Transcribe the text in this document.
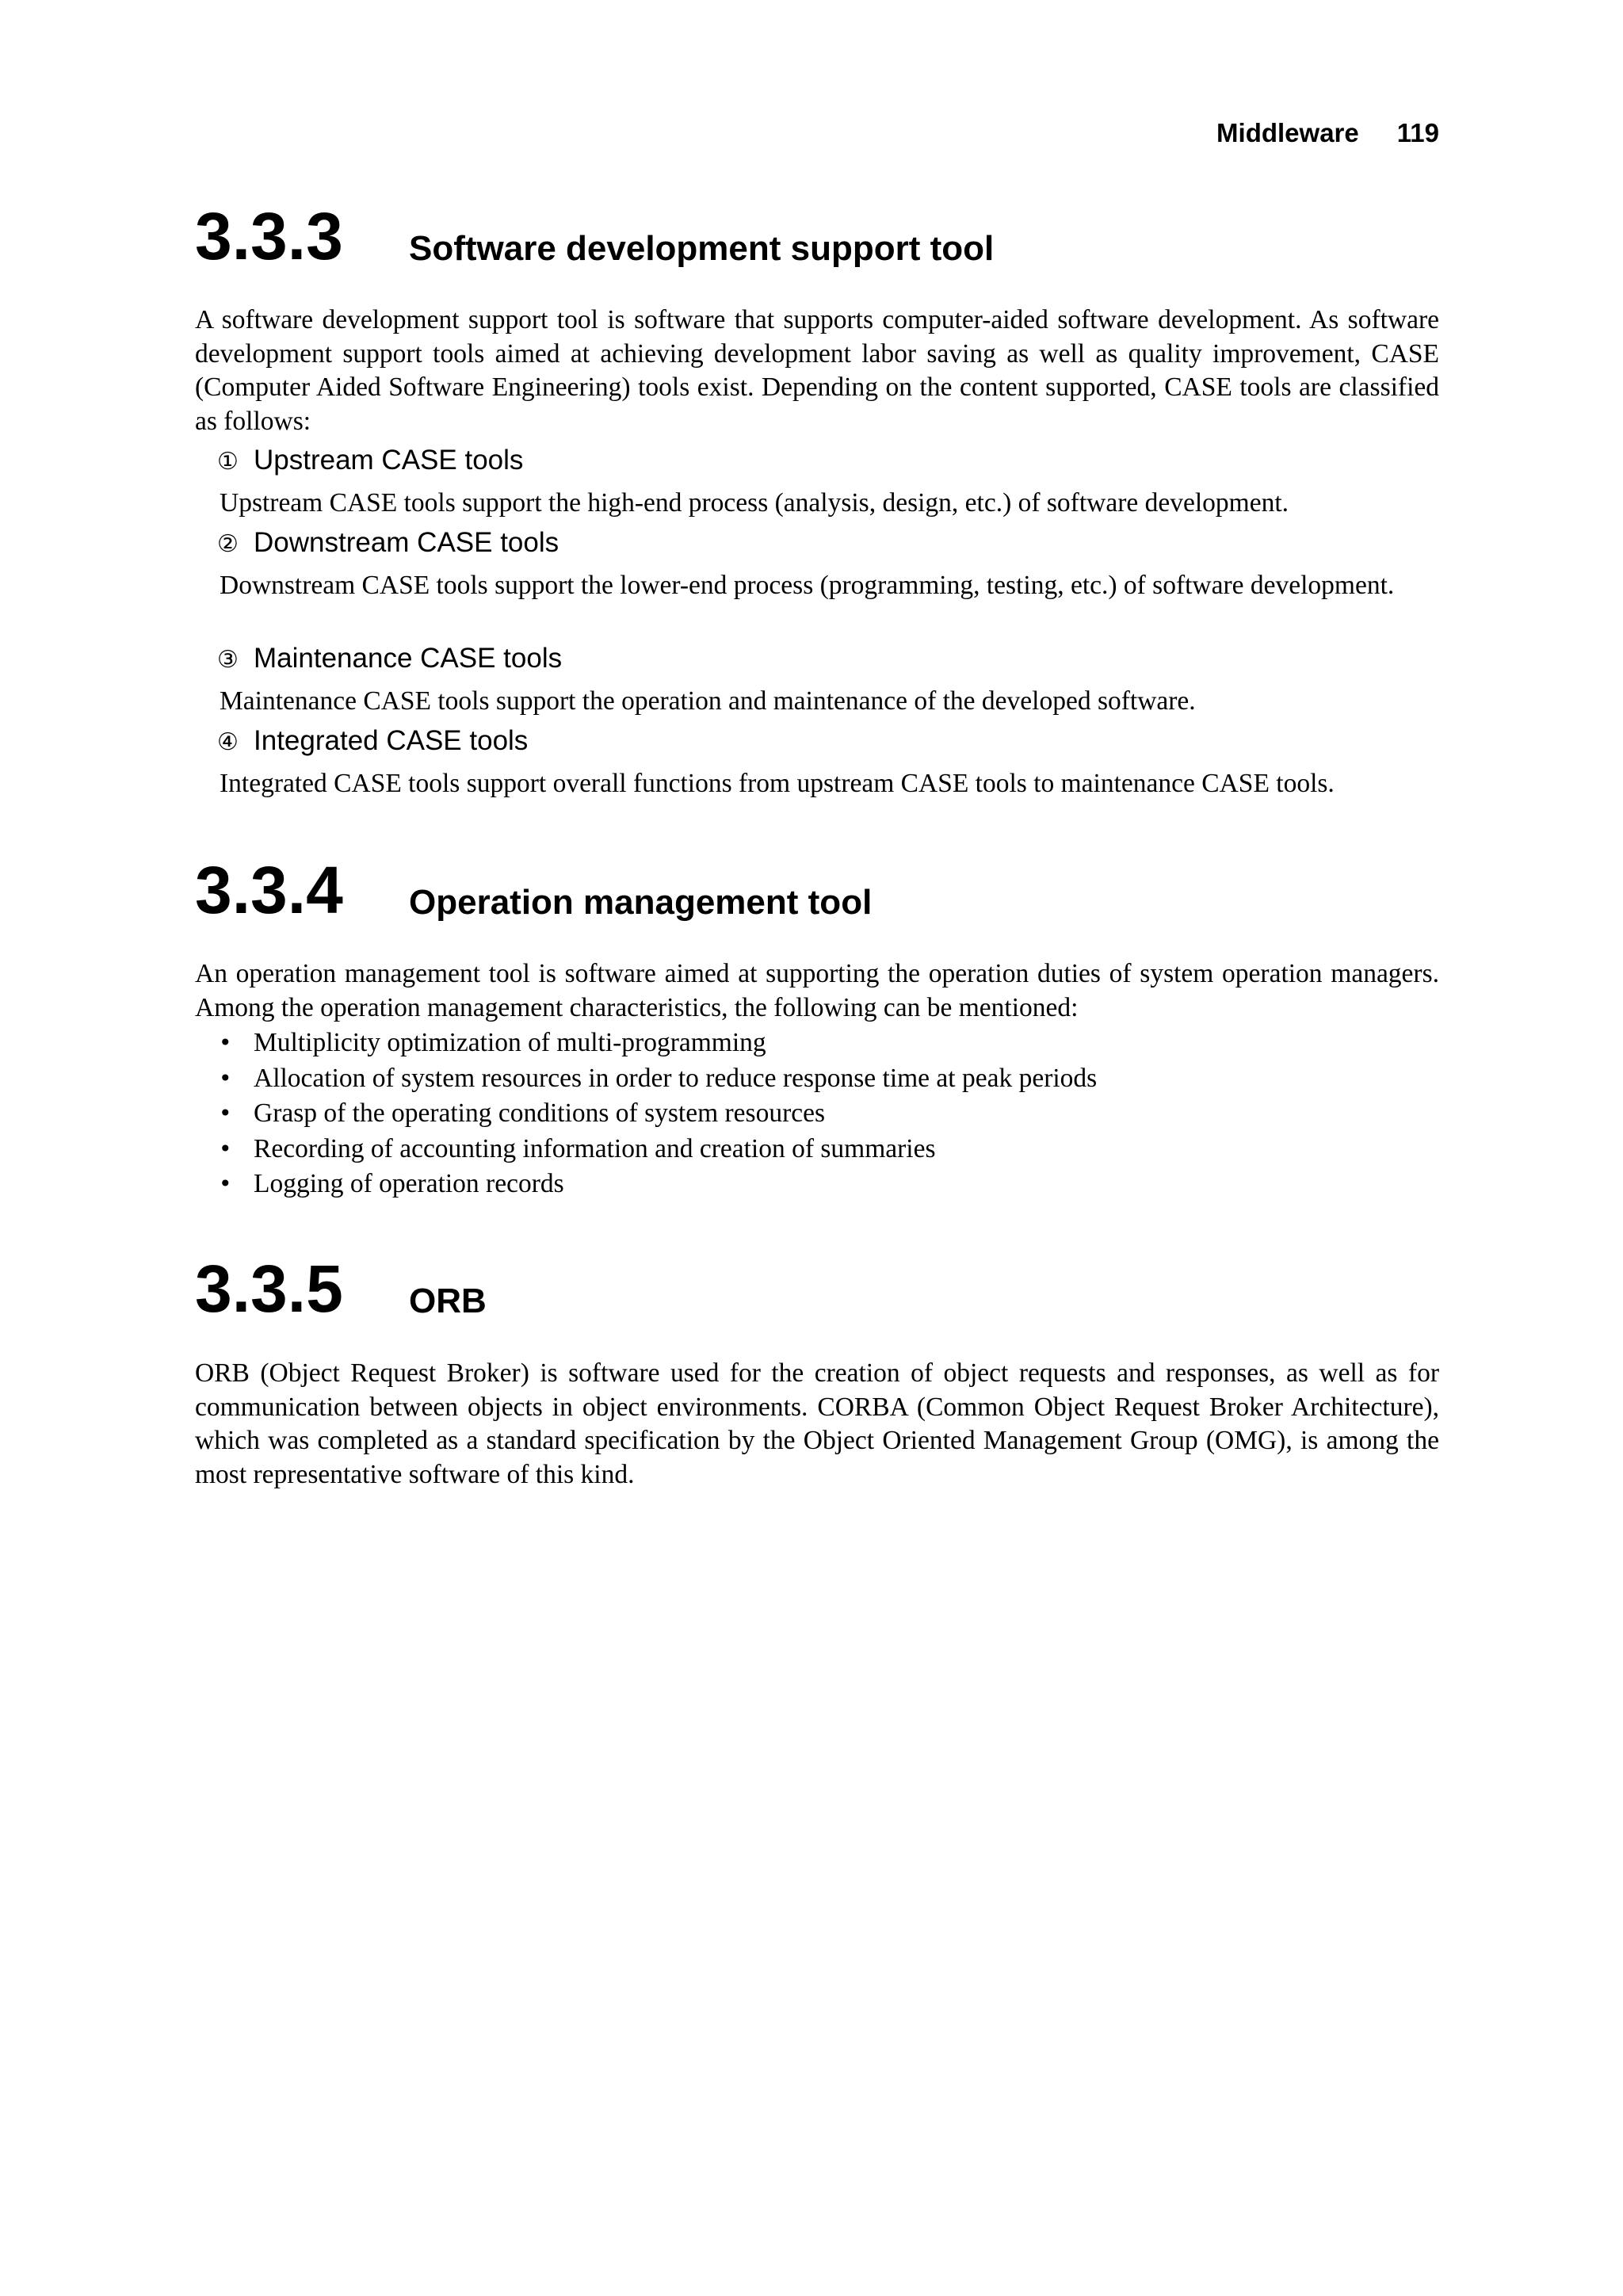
Middleware 119
3.3.3 Software development support tool

A software development support tool is software that supports computer-aided software development. As software development support tools aimed at achieving development labor saving as well as quality improvement, CASE (Computer Aided Software Engineering) tools exist. Depending on the content supported, CASE tools are classified as follows:

① Upstream CASE tools

Upstream CASE tools support the high-end process (analysis, design, etc.) of software development.

② Downstream CASE tools

Downstream CASE tools support the lower-end process (programming, testing, etc.) of software development.

③ Maintenance CASE tools

Maintenance CASE tools support the operation and maintenance of the developed software.

④ Integrated CASE tools

Integrated CASE tools support overall functions from upstream CASE tools to maintenance CASE tools.

3.3.4 Operation management tool

An operation management tool is software aimed at supporting the operation duties of system operation managers. Among the operation management characteristics, the following can be mentioned:

• Multiplicity optimization of multi-programming
• Allocation of system resources in order to reduce response time at peak periods
• Grasp of the operating conditions of system resources
• Recording of accounting information and creation of summaries
• Logging of operation records
3.3.5 ORB

ORB (Object Request Broker) is software used for the creation of object requests and responses, as well as for communication between objects in object environments. CORBA (Common Object Request Broker Architecture), which was completed as a standard specification by the Object Oriented Management Group (OMG), is among the most representative software of this kind.
